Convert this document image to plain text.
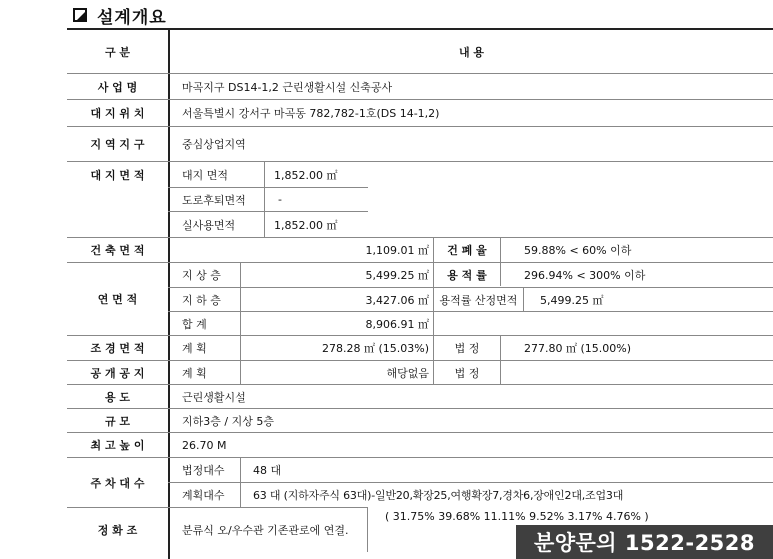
설계개요
구 분	내 용
사 업 명	마곡지구 DS14-1,2 근린생활시설 신축공사
대 지 위 치	서울특별시 강서구 마곡동 782,782-1호(DS 14-1,2)
지 역 지 구	중심상업지역
대 지 면 적	대지 면적	1,852.00 ㎡
도로후퇴면적	-
실사용면적	1,852.00 ㎡
건 축 면 적	1,109.01 ㎡	건 폐 율	59.88% < 60% 이하
연 면 적
지 상 층	5,499.25 ㎡	용 적 률	296.94% < 300% 이하
지 하 층	3,427.06 ㎡ 용적률 산정면적	5,499.25 ㎡
합 계	8,906.91 ㎡
조 경 면 적	계 획	278.28 ㎡ (15.03%)	법 정	277.80 ㎡ (15.00%)
공 개 공 지	계 획	해당없음	법 정
용 도	근린생활시설
규 모	지하3층 / 지상 5층
최 고 높 이	26.70 M
주 차 대 수
법정대수	48 대
계획대수	63 대 (지하자주식 63대)-일반20,확장25,여행확장7,경차6,장애인2대,조업3대
( 31.75% 39.68% 11.11% 9.52% 3.17% 4.76% )
정 화 조	분류식 오/우수관 기존관로에 연결.
분양문의 1522-2528
